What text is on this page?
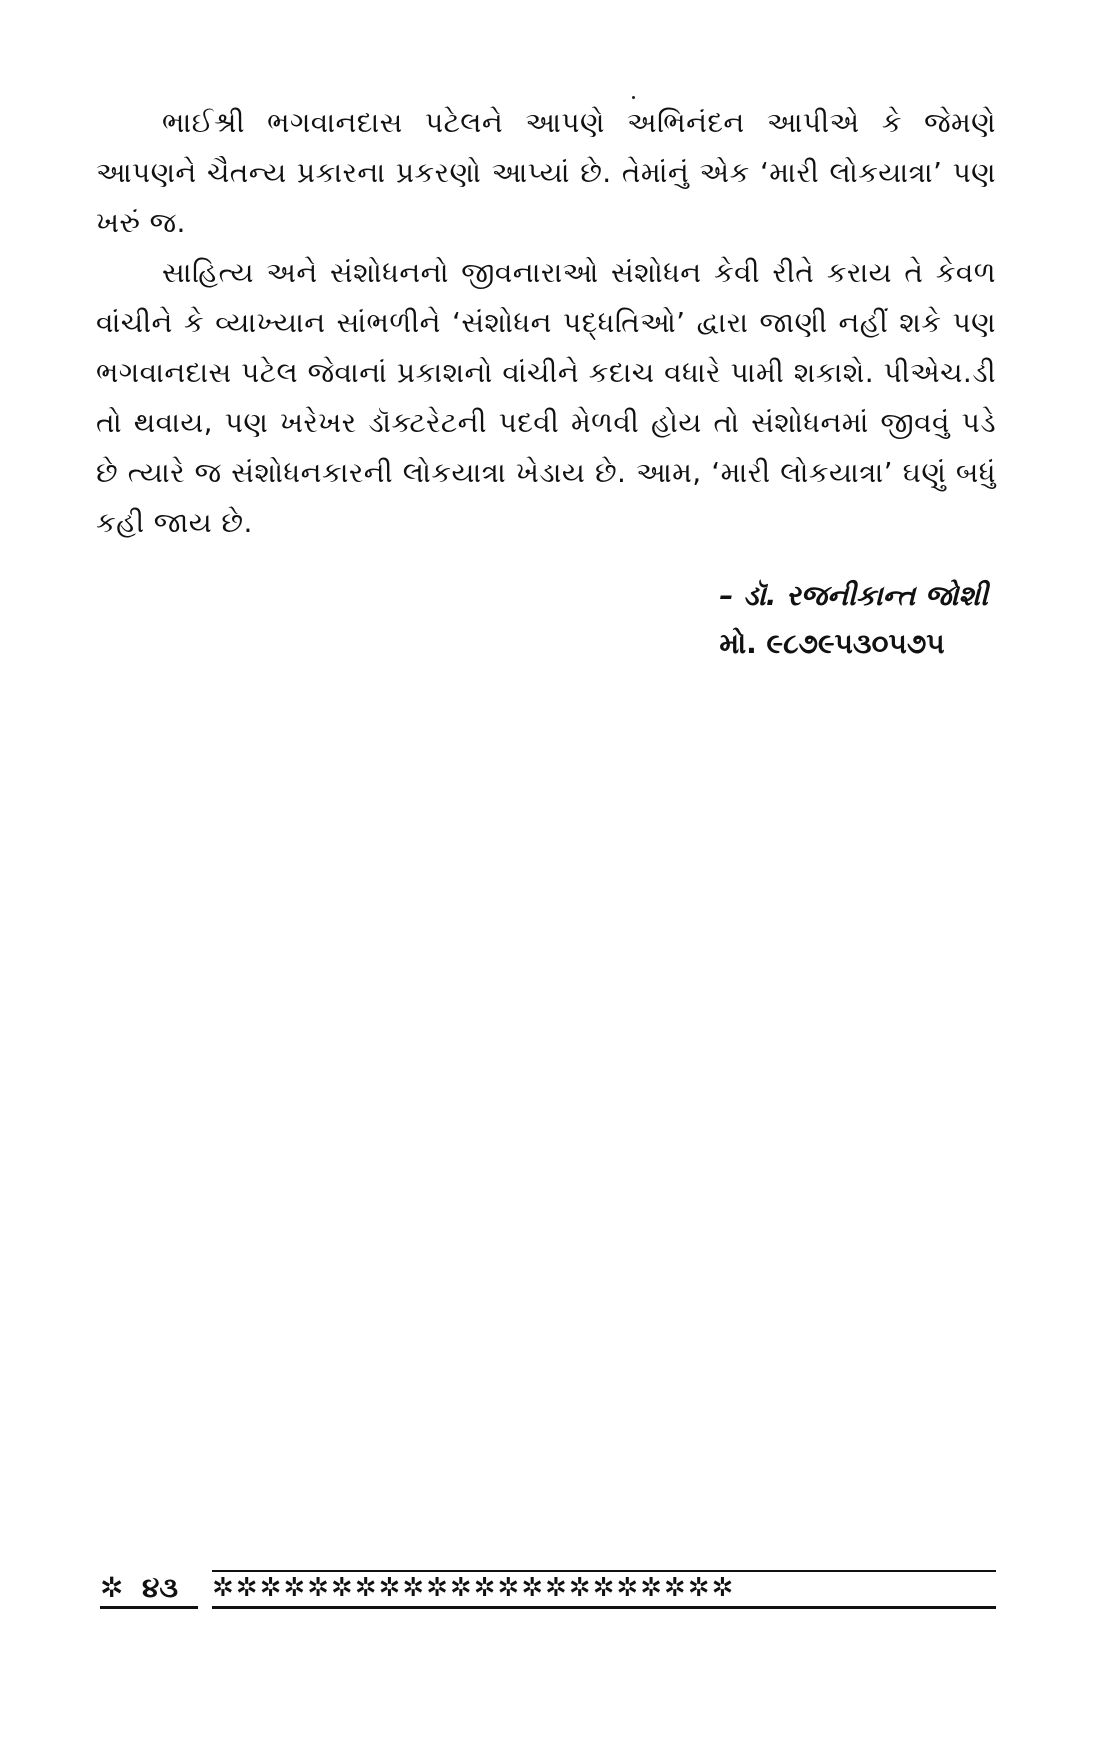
ભાઈશ્રી ભગવાનદાસ પટેલને આપણે અભિનંદન આપીએ કે જેમણે આપણને ચૈતન્ય પ્રકારના પ્રકરણો આપ્યાં છે. તેમાંનું એક ‘મારી લોકયાત્રા’ પણ ખરું જ.

સાહિત્ય અને સંશોધનનો જીવનારાઓ સંશોધન કેવી રીતે કરાય તે કેવળ વાંચીને કે વ્યાખ્યાન સાંભળીને ‘સંશોધન પદ્ધતિઓ’ દ્વારા જાણી નહીં શકે પણ ભગવાનદાસ પટેલ જેવાનાં પ્રકાશનો વાંચીને કદાચ વધારે પામી શકાશે. પીએચ.ડી તો થવાય, પણ ખરેખર ડૉક્ટરેટની પદવી મેળવી હોય તો સંશોધનમાં જીવવું પડે છે ત્યારે જ સંશોધનકારની લોકયાત્રા ખેડાય છે. આમ, ‘મારી લોકયાત્રા’ ઘણું બધું કહી જાય છે.

– ડૉ. રજનીકાન્ત જોશી
મો. ૯૮૭૯૫૩૦૫૭૫
✲ ૪૩ ✲✲✲✲✲✲✲✲✲✲✲✲✲✲✲✲✲✲✲✲✲✲
